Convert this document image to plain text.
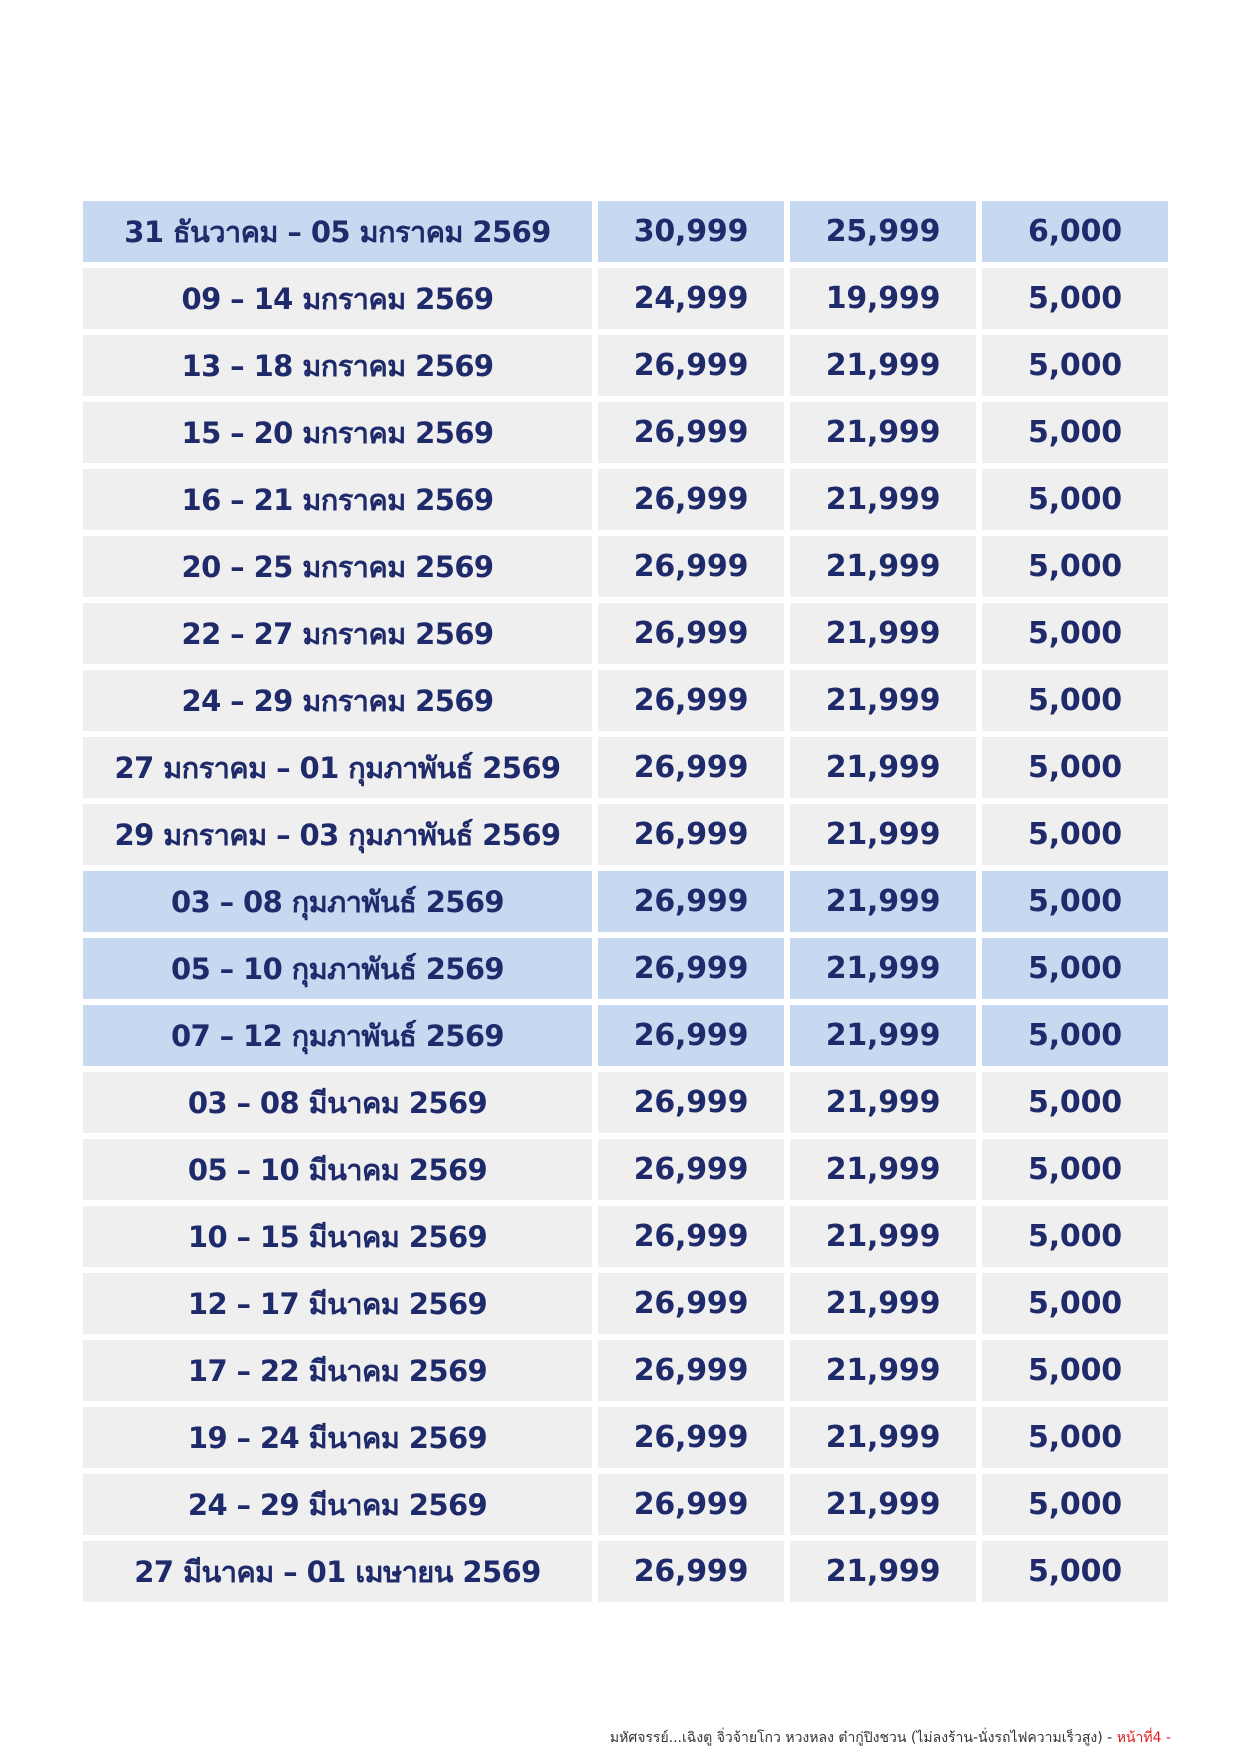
31 ธันวาคม – 05 มกราคม 2569	30,999	25,999	6,000
09 – 14 มกราคม 2569	24,999	19,999	5,000
13 – 18 มกราคม 2569	26,999	21,999	5,000
15 – 20 มกราคม 2569	26,999	21,999	5,000
16 – 21 มกราคม 2569	26,999	21,999	5,000
20 – 25 มกราคม 2569	26,999	21,999	5,000
22 – 27 มกราคม 2569	26,999	21,999	5,000
24 – 29 มกราคม 2569	26,999	21,999	5,000
27 มกราคม – 01 กุมภาพันธ์ 2569	26,999	21,999	5,000
29 มกราคม – 03 กุมภาพันธ์ 2569	26,999	21,999	5,000
03 – 08 กุมภาพันธ์ 2569	26,999	21,999	5,000
05 – 10 กุมภาพันธ์ 2569	26,999	21,999	5,000
07 – 12 กุมภาพันธ์ 2569	26,999	21,999	5,000
03 – 08 มีนาคม 2569	26,999	21,999	5,000
05 – 10 มีนาคม 2569	26,999	21,999	5,000
10 – 15 มีนาคม 2569	26,999	21,999	5,000
12 – 17 มีนาคม 2569	26,999	21,999	5,000
17 – 22 มีนาคม 2569	26,999	21,999	5,000
19 – 24 มีนาคม 2569	26,999	21,999	5,000
24 – 29 มีนาคม 2569	26,999	21,999	5,000
27 มีนาคม – 01 เมษายน 2569	26,999	21,999	5,000
มหัศจรรย์...เฉิงตู จิ่วจ้ายโกว หวงหลง ต๋ากู่ปิงชวน (ไม่ลงร้าน-นั่งรถไฟความเร็วสูง) - หน้าที่4 -
